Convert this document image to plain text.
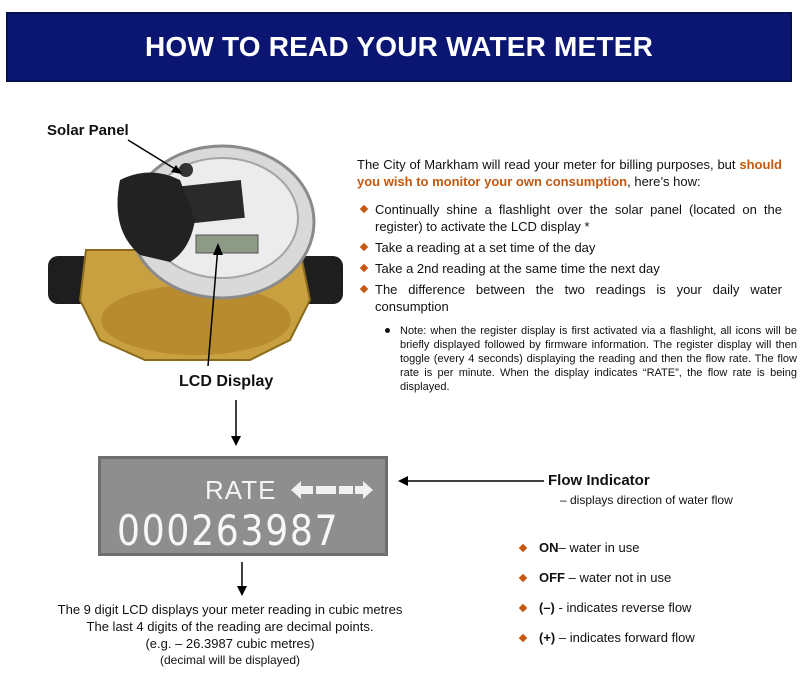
HOW TO READ YOUR WATER METER
Solar Panel
LCD Display
The City of Markham will read your meter for billing purposes, but should you wish to monitor your own consumption, here’s how:
Continually shine a flashlight over the solar panel (located on the register) to activate the LCD display *
Take a reading at a set time of the day
Take a 2nd reading at the same time the next day
The difference between the two readings is your daily water consumption
Note: when the register display is first activated via a flashlight, all icons will be briefly displayed followed by firmware information. The register display will then toggle (every 4 seconds) displaying the reading and then the flow rate. The flow rate is per minute. When the display indicates “RATE”, the flow rate is being displayed.
RATE
000263987
Flow Indicator
– displays direction of water flow
ON– water in use
OFF – water not in use
(–) - indicates reverse flow
(+) – indicates forward flow
The 9 digit LCD displays your meter reading in cubic metres
The last 4 digits of the reading are decimal points.
(e.g. – 26.3987 cubic metres)
(decimal will be displayed)
